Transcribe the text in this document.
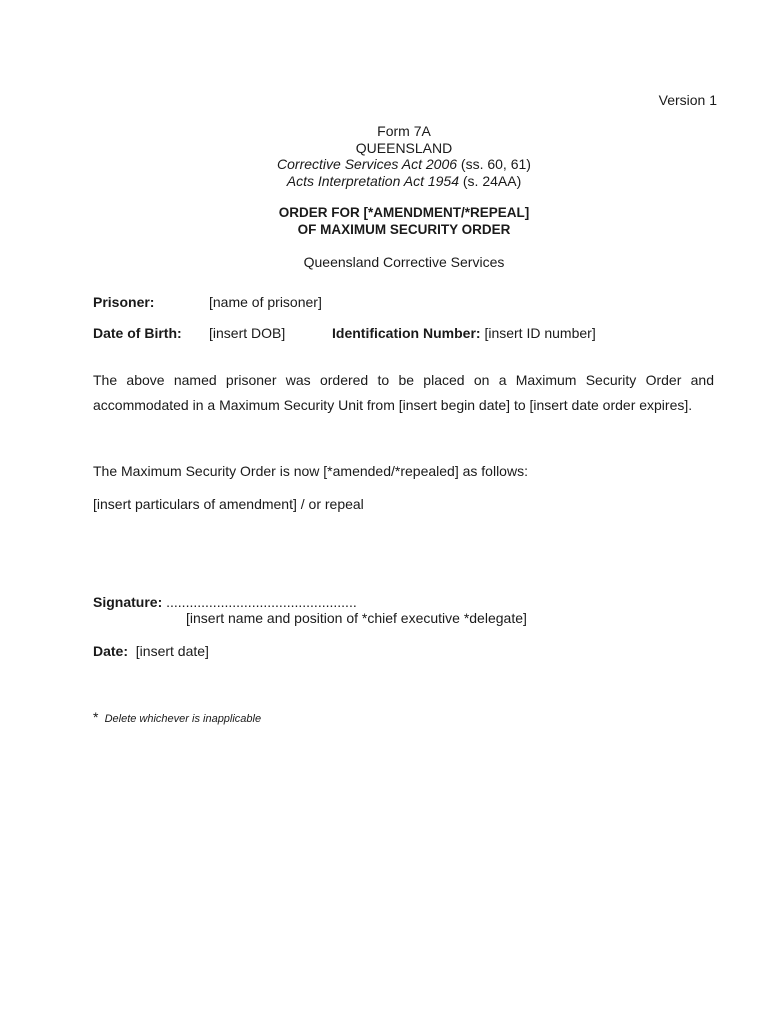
Version 1
Form 7A
QUEENSLAND
Corrective Services Act 2006 (ss. 60, 61)
Acts Interpretation Act 1954 (s. 24AA)
ORDER FOR [*AMENDMENT/*REPEAL]
OF MAXIMUM SECURITY ORDER
Queensland Corrective Services
Prisoner:	[name of prisoner]
Date of Birth: [insert DOB]	Identification Number: [insert ID number]
The above named prisoner was ordered to be placed on a Maximum Security Order and accommodated in a Maximum Security Unit from [insert begin date] to [insert date order expires].
The Maximum Security Order is now [*amended/*repealed] as follows:
[insert particulars of amendment] / or repeal
Signature: .................................................
[insert name and position of *chief executive *delegate]
Date: [insert date]
* Delete whichever is inapplicable
